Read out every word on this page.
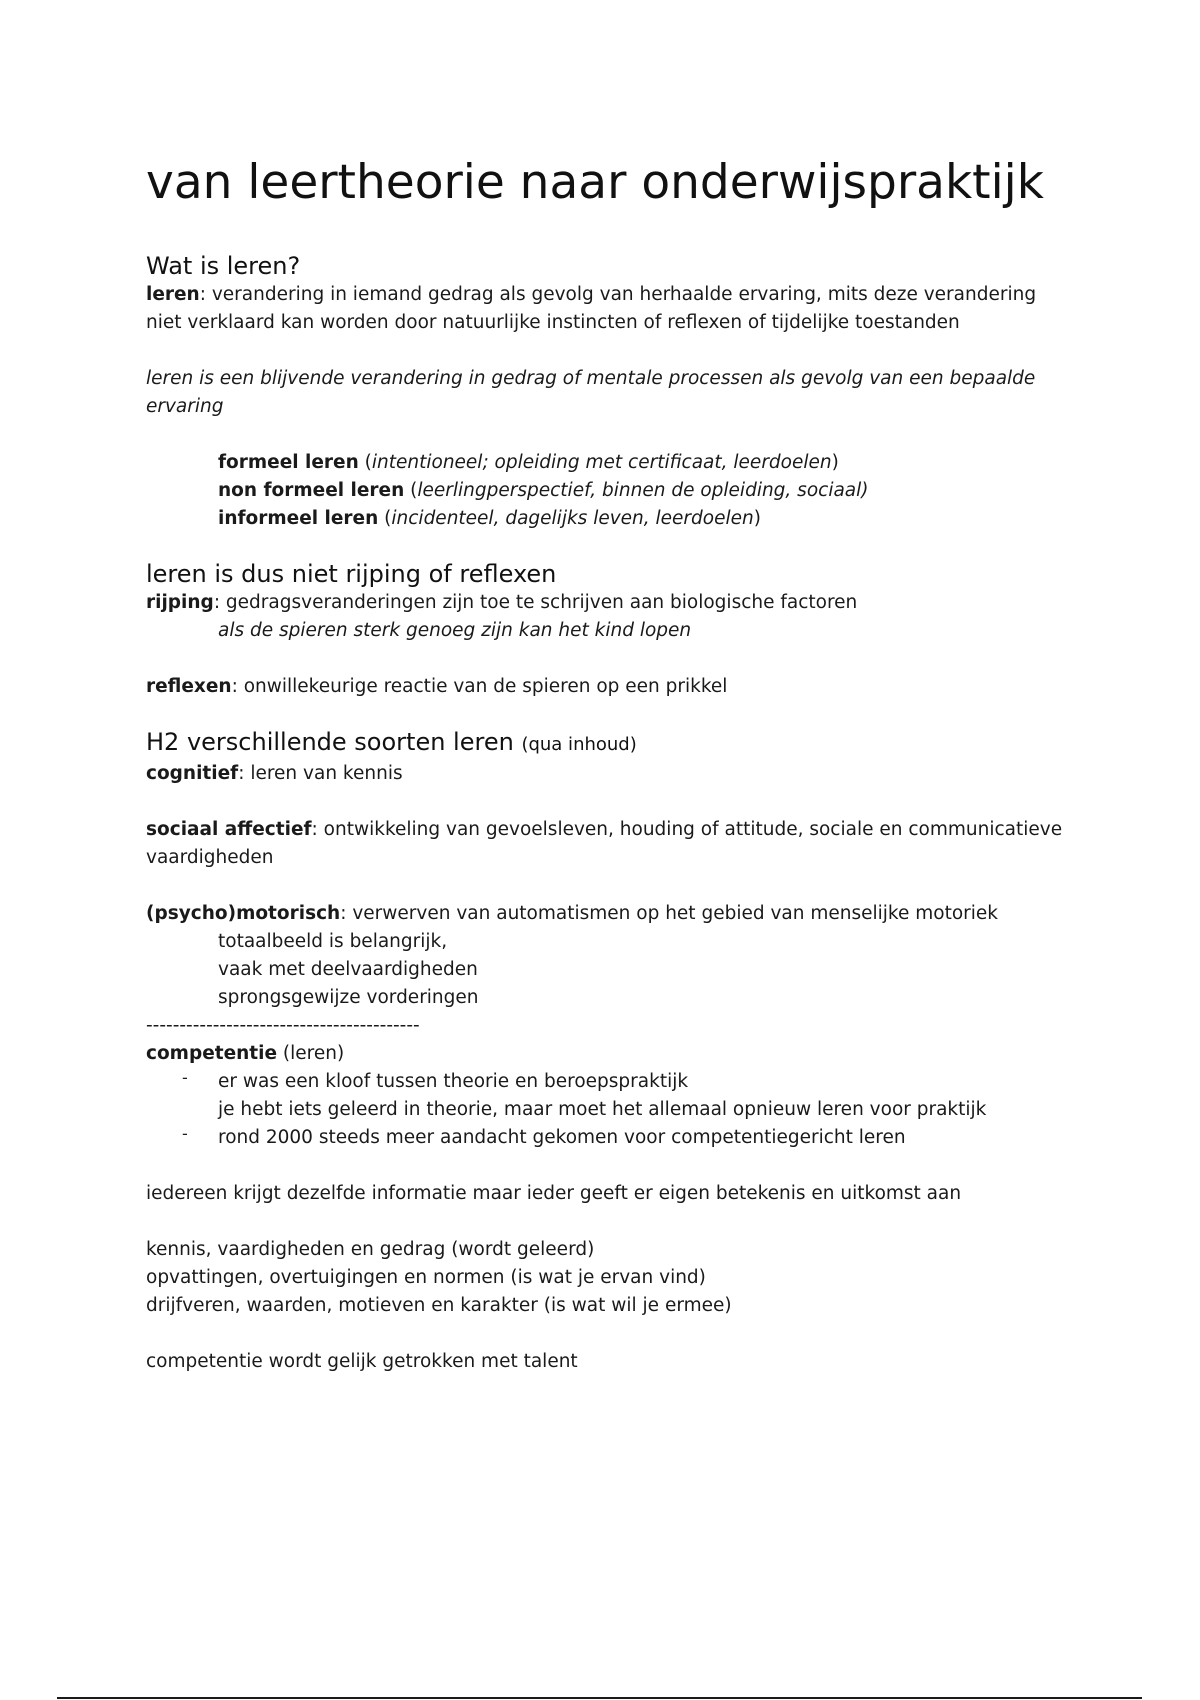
van leertheorie naar onderwijspraktijk
Wat is leren?

leren: verandering in iemand gedrag als gevolg van herhaalde ervaring, mits deze verandering niet verklaard kan worden door natuurlijke instincten of reflexen of tijdelijke toestanden

leren is een blijvende verandering in gedrag of mentale processen als gevolg van een bepaalde ervaring

formeel leren (intentioneel; opleiding met certificaat, leerdoelen)

non formeel leren (leerlingperspectief, binnen de opleiding, sociaal)

informeel leren (incidenteel, dagelijks leven, leerdoelen)

leren is dus niet rijping of reflexen

rijping: gedragsveranderingen zijn toe te schrijven aan biologische factoren

als de spieren sterk genoeg zijn kan het kind lopen

reflexen: onwillekeurige reactie van de spieren op een prikkel

H2 verschillende soorten leren (qua inhoud)

cognitief: leren van kennis

sociaal affectief: ontwikkeling van gevoelsleven, houding of attitude, sociale en communicatieve vaardigheden

(psycho)motorisch: verwerven van automatismen op het gebied van menselijke motoriek

totaalbeeld is belangrijk,

vaak met deelvaardigheden

sprongsgewijze vorderingen

-----------------------------------------

competentie (leren)

- er was een kloof tussen theorie en beroepspraktijk

je hebt iets geleerd in theorie, maar moet het allemaal opnieuw leren voor praktijk

- rond 2000 steeds meer aandacht gekomen voor competentiegericht leren

iedereen krijgt dezelfde informatie maar ieder geeft er eigen betekenis en uitkomst aan

kennis, vaardigheden en gedrag (wordt geleerd)

opvattingen, overtuigingen en normen (is wat je ervan vind)

drijfveren, waarden, motieven en karakter (is wat wil je ermee)

competentie wordt gelijk getrokken met talent
